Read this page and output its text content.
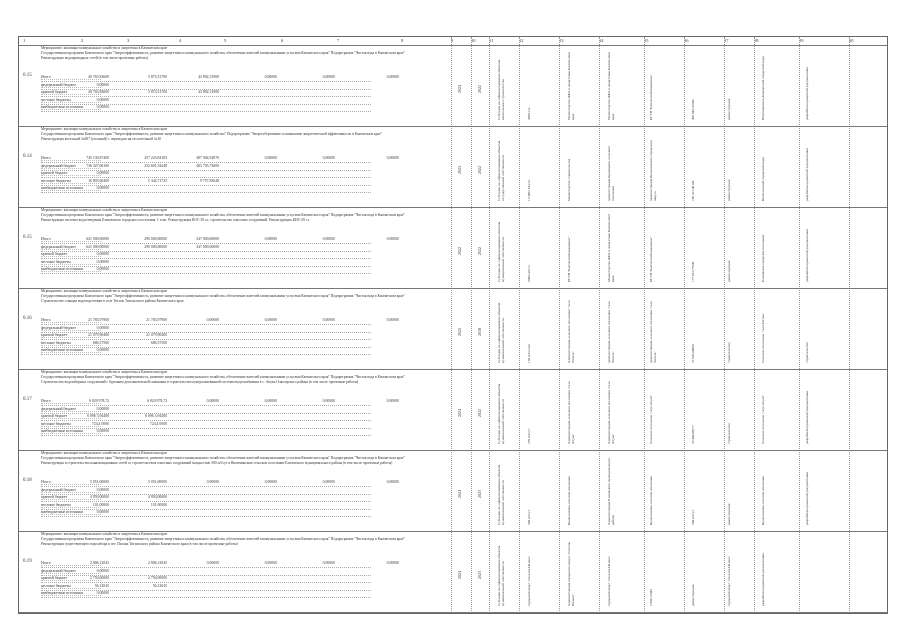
1	2	3	4	5	6	7	8	9	10	11	12	13	14	15	16	17	18	19	20
Мероприятие: жилищно-коммунальное хозяйство и энергетика в Камчатском крае
Государственная программа Камчатского края "Энергоэффективность, развитие энергетики и коммунального хозяйства, обеспечение жителей коммунальными услугами Камчатского края" Подпрограмма "Чистая вода в Камчатском крае"
Реконструкция водопроводных сетей (в том числе проектные работы)
0.15 Итого	49 765,83600	5 873,51700	43 892,31900	0,00000	0,00000	0,00000
федеральный бюджет	0,00000
краевой бюджет	49 765,83600	5 873,51700	43 892,31900
местные бюджеты	0,00000
внебюджетные источники	0,00000
2024	2022	Субсидии на софинансирование объектов капитального строительства	4500 п.м	Министерство ЖКХ и энергетики Камчатского края	Министерство ЖКХ и энергетики Камчатского края	КГУП "Камчатский водоканал"	495 843,31900	реконструкция	Петропавловск-Камчатский городской округ	разработка проектной документации
Мероприятие: жилищно-коммунальное хозяйство и энергетика в Камчатском крае
Государственная программа Камчатского края "Энергоэффективность, развитие энергетики и коммунального хозяйства" Подпрограмма "Энергосбережение и повышение энергетической эффективности в Камчатском крае"
Реконструкция котельной №007 (угольной) с переводом на газ котельной №10
0.14 Итого	745 130,87400	257 225,84183	487 904,92870	0,00000	0,00000	0,00000
федеральный бюджет	736 327,06100	252 691,34448	483 705,73600
краевой бюджет	0,00000
местные бюджеты	16 803,60400	5 344,71725	9 757,83648
внебюджетные источники	0,00000
2023	2022	Субсидии на софинансирование объектов государственной собственности	15 МВт Гкал/ч	Министерство строительства	администрация Кроноцкого сельского поселения	администрация Вилючинского городского округа	736 327,06100	реконструкция	Вилючинский городской округ	разработка проектной документации
Мероприятие: жилищно-коммунальное хозяйство и энергетика в Камчатском крае
Государственная программа Камчатского края "Энергоэффективность, развитие энергетики и коммунального хозяйства, обеспечение жителей коммунальными услугами Камчатского края" Подпрограмма "Чистая вода в Камчатском крае"
Реконструкция системы водоотведения Елизовского городского поселения. 1 этап. Реконструкция КОС-38 ос. строительство очистных сооружений. Реконструкция КНС-29 ст.
0.15 Итого	641 000,00000	290 000,00000	347 000,00000	0,00000	0,00000	0,00000
федеральный бюджет	641 000,00000	290 000,00000	347 000,00000
краевой бюджет	0,00000
местные бюджеты	0,00000
внебюджетные источники	0,00000
2022	2022	Субсидии на софинансирование объектов муниципальной собственности	5000 м3/сут	КГУП "Камчатский водоканал"	Министерство ЖКХ и энергетики Камчатского края	КГУП "Камчатский водоканал"	177 822,77600	реконструкция	Елизовское городское поселение	разработка проектной документации
Мероприятие: жилищно-коммунальное хозяйство и энергетика в Камчатском крае
Государственная программа Камчатского края "Энергоэффективность, развитие энергетики и коммунального хозяйства, обеспечение жителей коммунальными услугами Камчатского края" Подпрограмма "Чистая вода в Камчатском крае"
Строительство станции водоподготовки в селе Тигиль Тигильского района Камчатского края
0.16 Итого	21 783,97900	21 783,97900	0,00000	0,00000	0,00000	0,00000
федеральный бюджет	0,00000
краевой бюджет	21 079,90400	21 079,90400
местные бюджеты	686,57500	686,57500
внебюджетные источники	0,00000
2023	2018	Субсидии на софинансирование объектов муниципальной собственности	150 м3/сутки	Администрация сельского поселения "село Тигиль"	администрация сельского поселения "село Тигиль"	администрация сельского поселения "село Тигиль"	37 945,00000	строительство	Сельское поселение "село Тигиль"	строительство
Мероприятие: жилищно-коммунальное хозяйство и энергетика в Камчатском крае
Государственная программа Камчатского края "Энергоэффективность, развитие энергетики и коммунального хозяйства, обеспечение жителей коммунальными услугами Камчатского края" Подпрограмма "Чистая вода в Камчатском крае"
Строительство водозаборных сооружений с бурением дополнительной скважины и строительство централизованной системы водоснабжения в с. Апука Олюторского района (в том числе проектные работы)
0.17 Итого	6 820 978,72	6 820 978,72	0,00000	0,00000	0,00000	0,00000
федеральный бюджет	0,00000
краевой бюджет	6 096 3,94400	6 096 3,94400
местные бюджеты	724,4 0000	724,4 0000
внебюджетные источники	0,00000
2024	2022	Субсидии на софинансирование объектов муниципальной собственности	270 м3/сут	Администрация сельского поселения "село Апука"	Администрация сельского поселения "село Апука"	Сельское поселение "село Апука"	59 440,89277	строительство	Сельское поселение "село Апука"	разработка проектной документации
Мероприятие: жилищно-коммунальное хозяйство и энергетика в Камчатском крае
Государственная программа Камчатского края "Энергоэффективность, развитие энергетики и коммунального хозяйства, обеспечение жителей коммунальными услугами Камчатского края" Подпрограмма "Чистая вода в Камчатском крае"
Реконструкция и строительство канализационных сетей со строительством очистных сооружений мощностью 500 м3/сут в Вилючинском сельском поселении Елизовского муниципального района (в том числе проектные работы)
0.18 Итого	5 051,00000	5 051,00000	0,00000	0,00000	0,00000	0,00000
федеральный бюджет	0,00000
краевой бюджет	4 950,00000	4 950,00000
местные бюджеты	101,00000	101,00000
внебюджетные источники	0,00000
2024	2023	Субсидии на софинансирование объектов муниципальной собственности	500 м3/сут	Вилючинское сельское поселение	Администрация Елизовского муниципального района	Вилючинское сельское поселение	500 м3/сут	реконструкция	Вилючинское сельское поселение	разработка проектной документации
Мероприятие: жилищно-коммунальное хозяйство и энергетика в Камчатском крае
Государственная программа Камчатского края "Энергоэффективность, развитие энергетики и коммунального хозяйства, обеспечение жителей коммунальными услугами Камчатского края" Подпрограмма "Чистая вода в Камчатском крае"
Реконструкция существующего водозабора в пгт. Палана Тигильского района Камчатского края (в том числе проектные работы)
0.19 Итого	2 806,12045	2 806,12045	0,00000	0,00000	0,00000	0,00000
федеральный бюджет	0,00000
краевой бюджет	2 750,00000	2 750,00000
местные бюджеты	56,12045	56,12045
внебюджетные источники	0,00000
2024	2023	Субсидии на софинансирование объектов муниципальной собственности	городской округ "поселок Палана"	Администрация городского округа "поселок Палана"	городской округ "поселок Палана"	2 806,12045	реконструкция	городской округ "поселок Палана"	разработка проектной документации
